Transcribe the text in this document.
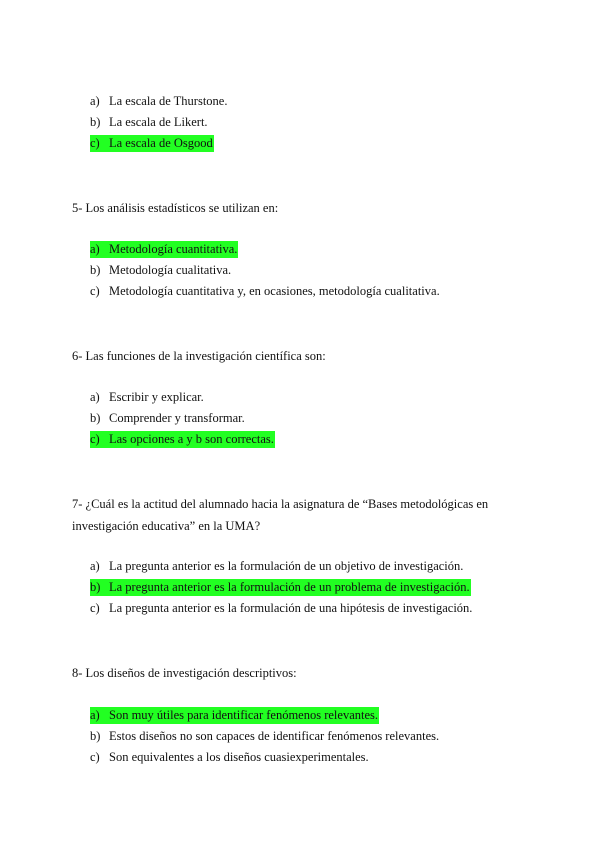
a) La escala de Thurstone.
b) La escala de Likert.
c) La escala de Osgood
5- Los análisis estadísticos se utilizan en:
a) Metodología cuantitativa.
b) Metodología cualitativa.
c) Metodología cuantitativa y, en ocasiones, metodología cualitativa.
6- Las funciones de la investigación científica son:
a) Escribir y explicar.
b) Comprender y transformar.
c) Las opciones a y b son correctas.
7- ¿Cuál es la actitud del alumnado hacia la asignatura de “Bases metodológicas en investigación educativa” en la UMA?
a) La pregunta anterior es la formulación de un objetivo de investigación.
b) La pregunta anterior es la formulación de un problema de investigación.
c) La pregunta anterior es la formulación de una hipótesis de investigación.
8- Los diseños de investigación descriptivos:
a) Son muy útiles para identificar fenómenos relevantes.
b) Estos diseños no son capaces de identificar fenómenos relevantes.
c) Son equivalentes a los diseños cuasiexperimentales.
